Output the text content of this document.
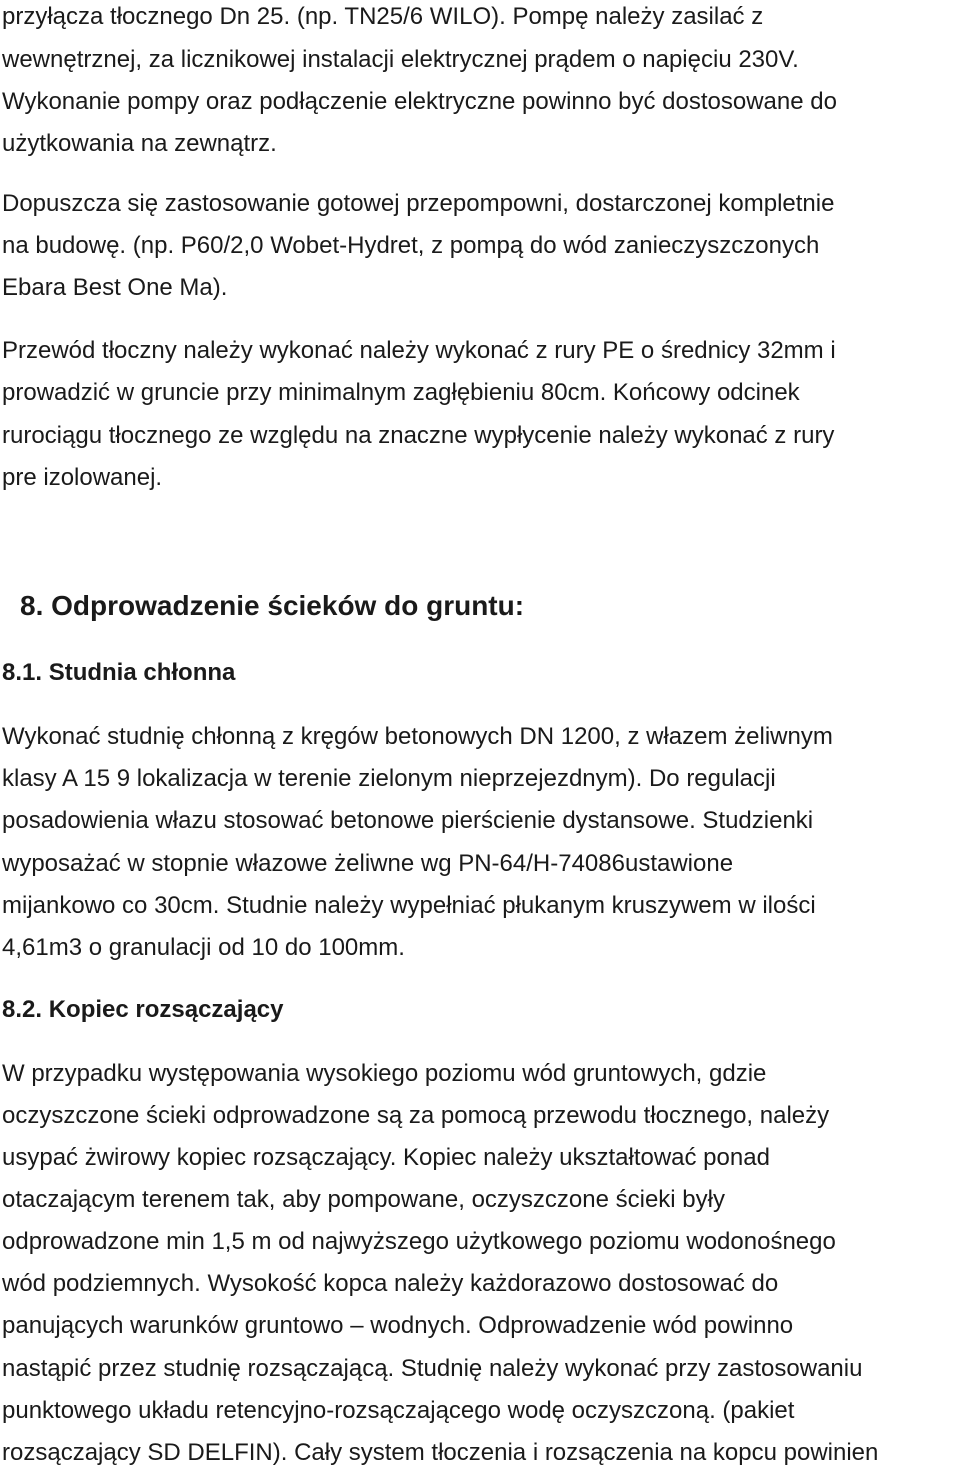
przyłącza tłocznego Dn 25. (np. TN25/6 WILO). Pompę należy zasilać z
wewnętrznej, za licznikowej instalacji elektrycznej prądem o napięciu 230V.
Wykonanie pompy oraz podłączenie elektryczne powinno być dostosowane do
użytkowania na zewnątrz.
Dopuszcza się zastosowanie gotowej przepompowni, dostarczonej kompletnie
na budowę. (np. P60/2,0 Wobet-Hydret, z pompą do wód zanieczyszczonych
Ebara Best One Ma).
Przewód tłoczny należy wykonać należy wykonać z rury PE o średnicy 32mm i
prowadzić w gruncie przy minimalnym zagłębieniu 80cm. Końcowy odcinek
rurociągu tłocznego ze względu na znaczne wypłycenie należy wykonać z rury
pre izolowanej.
8. Odprowadzenie ścieków do gruntu:
8.1. Studnia chłonna
Wykonać studnię chłonną z kręgów betonowych DN 1200, z włazem żeliwnym
klasy A 15 9 lokalizacja w terenie zielonym nieprzejezdnym). Do regulacji
posadowienia włazu stosować betonowe pierścienie dystansowe. Studzienki
wyposażać w stopnie włazowe żeliwne wg PN-64/H-74086ustawione
mijankowo co 30cm. Studnie należy wypełniać płukanym kruszywem w ilości
4,61m3 o granulacji od 10 do 100mm.
8.2. Kopiec rozsączający
W przypadku występowania wysokiego poziomu wód gruntowych, gdzie
oczyszczone ścieki odprowadzone są za pomocą przewodu tłocznego, należy
usypać żwirowy kopiec rozsączający. Kopiec należy ukształtować ponad
otaczającym terenem tak, aby pompowane, oczyszczone ścieki były
odprowadzone min 1,5 m od najwyższego użytkowego poziomu wodonośnego
wód podziemnych. Wysokość kopca należy każdorazowo dostosować do
panujących warunków gruntowo – wodnych. Odprowadzenie wód powinno
nastąpić przez studnię rozsączającą. Studnię należy wykonać przy zastosowaniu
punktowego układu retencyjno-rozsączającego wodę oczyszczoną. (pakiet
rozsączający SD DELFIN). Cały system tłoczenia i rozsączenia na kopcu powinien
